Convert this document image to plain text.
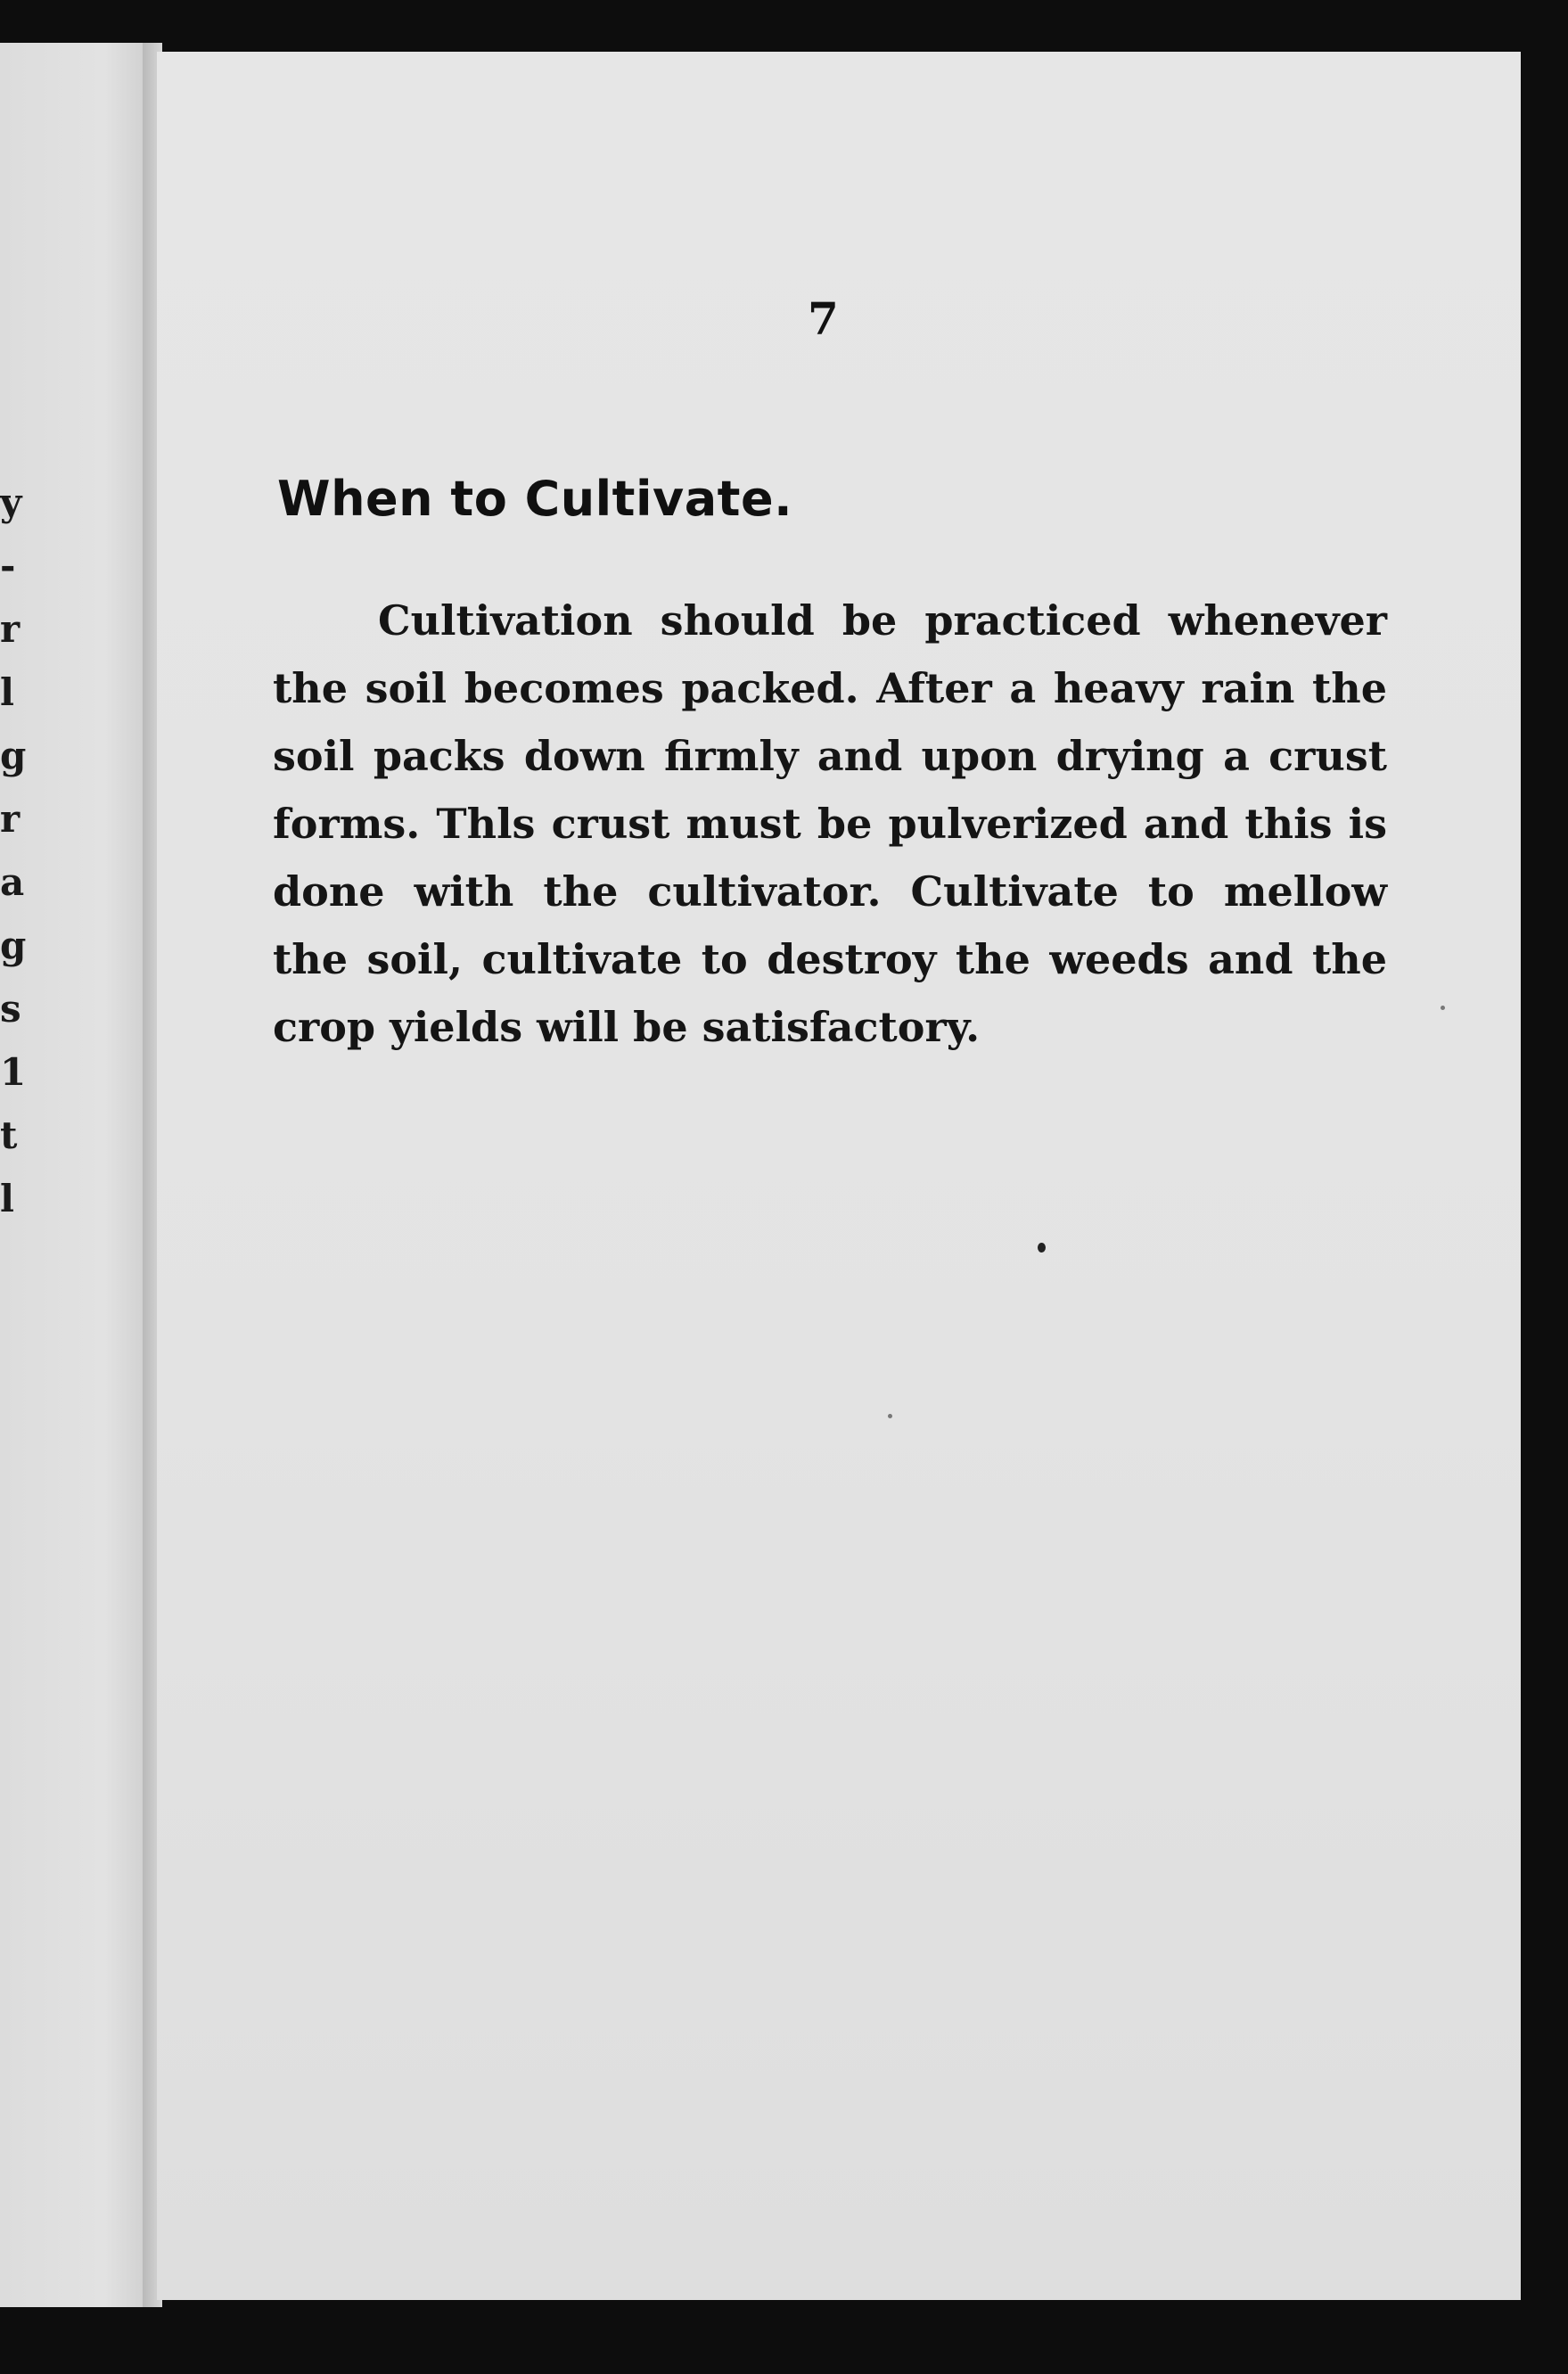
y
-
r
l
g
r
a
g
s
1
t
l
7
When to Cultivate.
Cultivation should be practiced whenever
the soil becomes packed. After a heavy rain the
soil packs down firmly and upon drying a crust
forms. Thls crust must be pulverized and this is
done with the cultivator. Cultivate to mellow
the soil, cultivate to destroy the weeds and the
crop yields will be satisfactory.
